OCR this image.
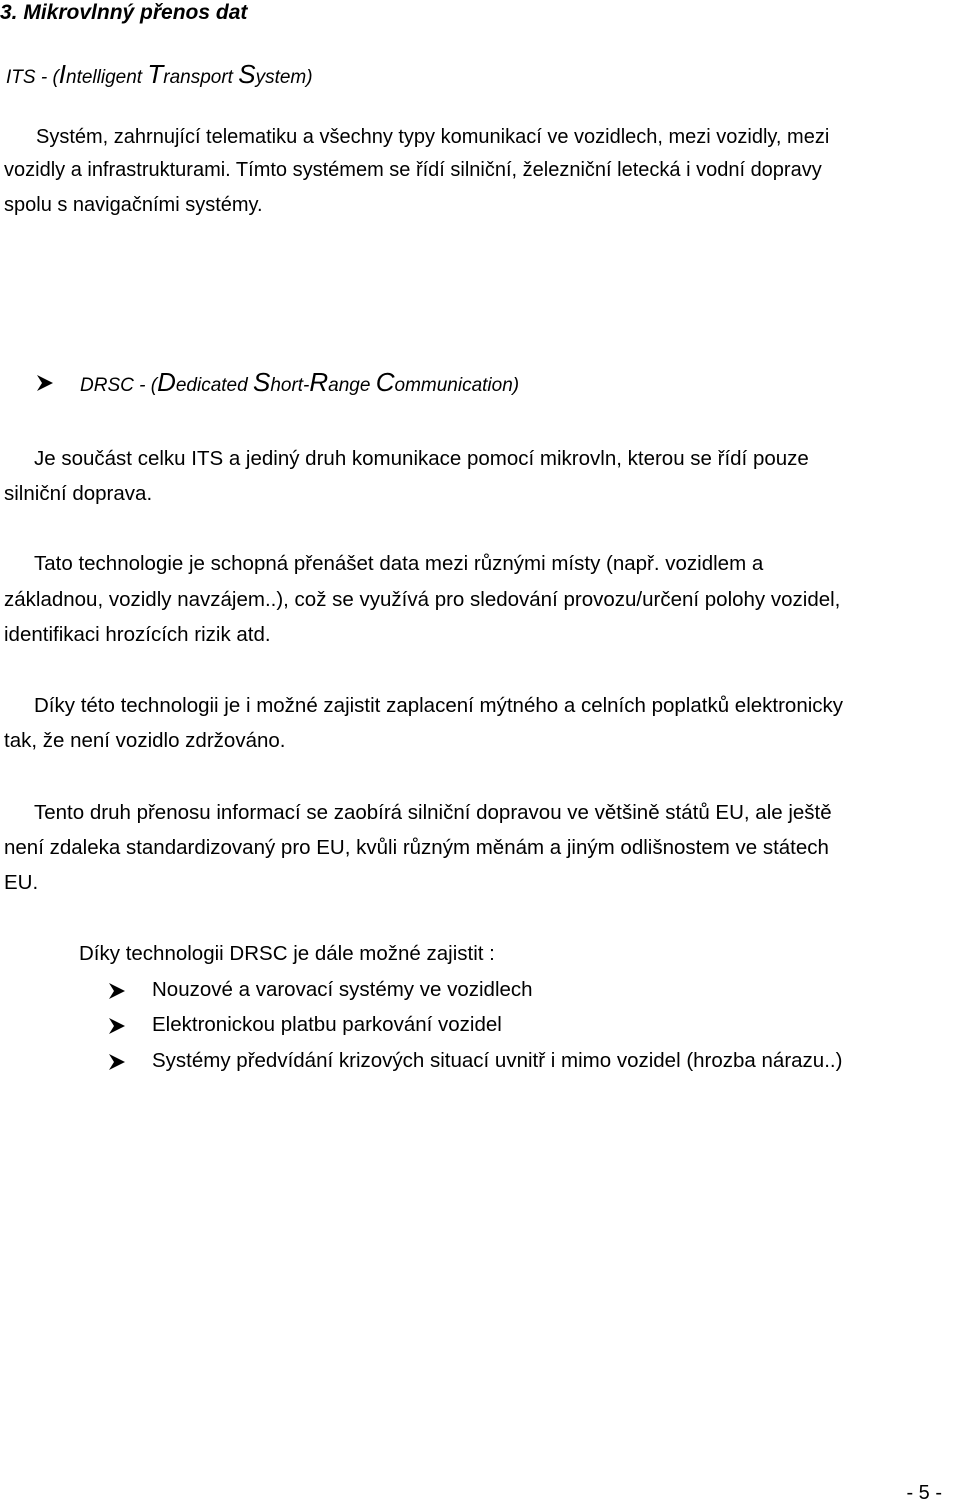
3. Mikrovlnný přenos dat
ITS - (Intelligent Transport System)
Systém, zahrnující telematiku a všechny typy komunikací ve vozidlech, mezi vozidly, mezi
vozidly a infrastrukturami. Tímto systémem se řídí silniční, železniční letecká i vodní dopravy
spolu s navigačními systémy.
DRSC - (Dedicated Short-Range Communication)
Je součást celku ITS a jediný druh komunikace pomocí mikrovln, kterou se řídí pouze
silniční doprava.
Tato technologie je schopná přenášet data mezi různými místy (např. vozidlem a
základnou, vozidly navzájem..), což se využívá pro sledování provozu/určení polohy vozidel,
identifikaci hrozících rizik atd.
Díky této technologii je i možné zajistit zaplacení mýtného a celních poplatků elektronicky
tak, že není vozidlo zdržováno.
Tento druh přenosu informací se zaobírá silniční dopravou ve většině států EU, ale ještě
není zdaleka standardizovaný pro EU, kvůli různým měnám a jiným odlišnostem ve státech
EU.
Díky technologii DRSC je dále možné zajistit :
Nouzové a varovací systémy ve vozidlech
Elektronickou platbu parkování vozidel
Systémy předvídání krizových situací uvnitř i mimo vozidel (hrozba nárazu..)
- 5 -
